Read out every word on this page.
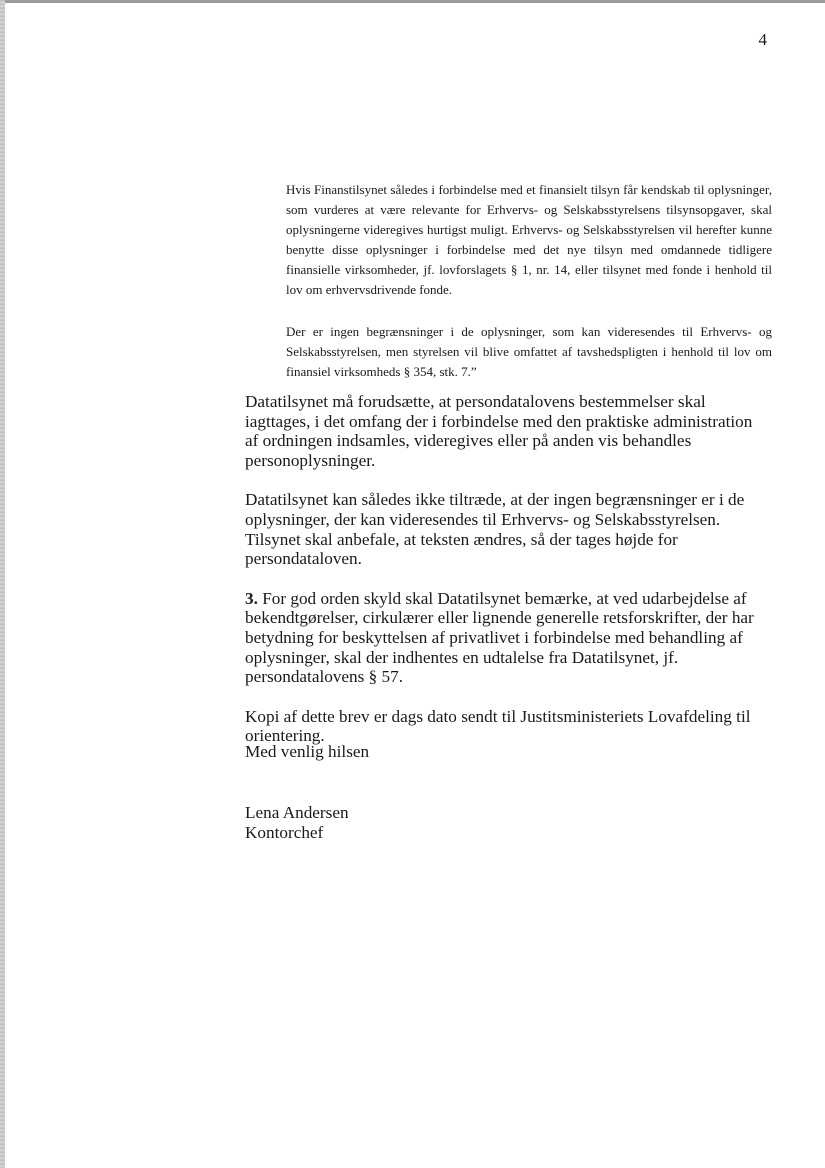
4

Hvis Finanstilsynet således i forbindelse med et finansielt tilsyn får kendskab til oplysninger, som vurderes at være relevante for Erhvervs- og Selskabsstyrelsens tilsynsopgaver, skal oplysningerne videregives hurtigst muligt. Erhvervs- og Selskabsstyrelsen vil herefter kunne benytte disse oplysninger i forbindelse med det nye tilsyn med omdannede tidligere finansielle virksomheder, jf. lovforslagets § 1, nr. 14, eller tilsynet med fonde i henhold til lov om erhvervsdrivende fonde.

Der er ingen begrænsninger i de oplysninger, som kan videresendes til Erhvervs- og Selskabsstyrelsen, men styrelsen vil blive omfattet af tavshedspligten i henhold til lov om finansiel virksomheds § 354, stk. 7.”

Datatilsynet må forudsætte, at persondatalovens bestemmelser skal iagttages, i det omfang der i forbindelse med den praktiske administration af ordningen indsamles, videregives eller på anden vis behandles personoplysninger.

Datatilsynet kan således ikke tiltræde, at der ingen begrænsninger er i de oplysninger, der kan videresendes til Erhvervs- og Selskabsstyrelsen. Tilsynet skal anbefale, at teksten ændres, så der tages højde for persondataloven.

3. For god orden skyld skal Datatilsynet bemærke, at ved udarbejdelse af bekendtgørelser, cirkulærer eller lignende generelle retsforskrifter, der har betydning for beskyttelsen af privatlivet i forbindelse med behandling af oplysninger, skal der indhentes en udtalelse fra Datatilsynet, jf. persondatalovens § 57.

Kopi af dette brev er dags dato sendt til Justitsministeriets Lovafdeling til orientering.

Med venlig hilsen

Lena Andersen
Kontorchef
